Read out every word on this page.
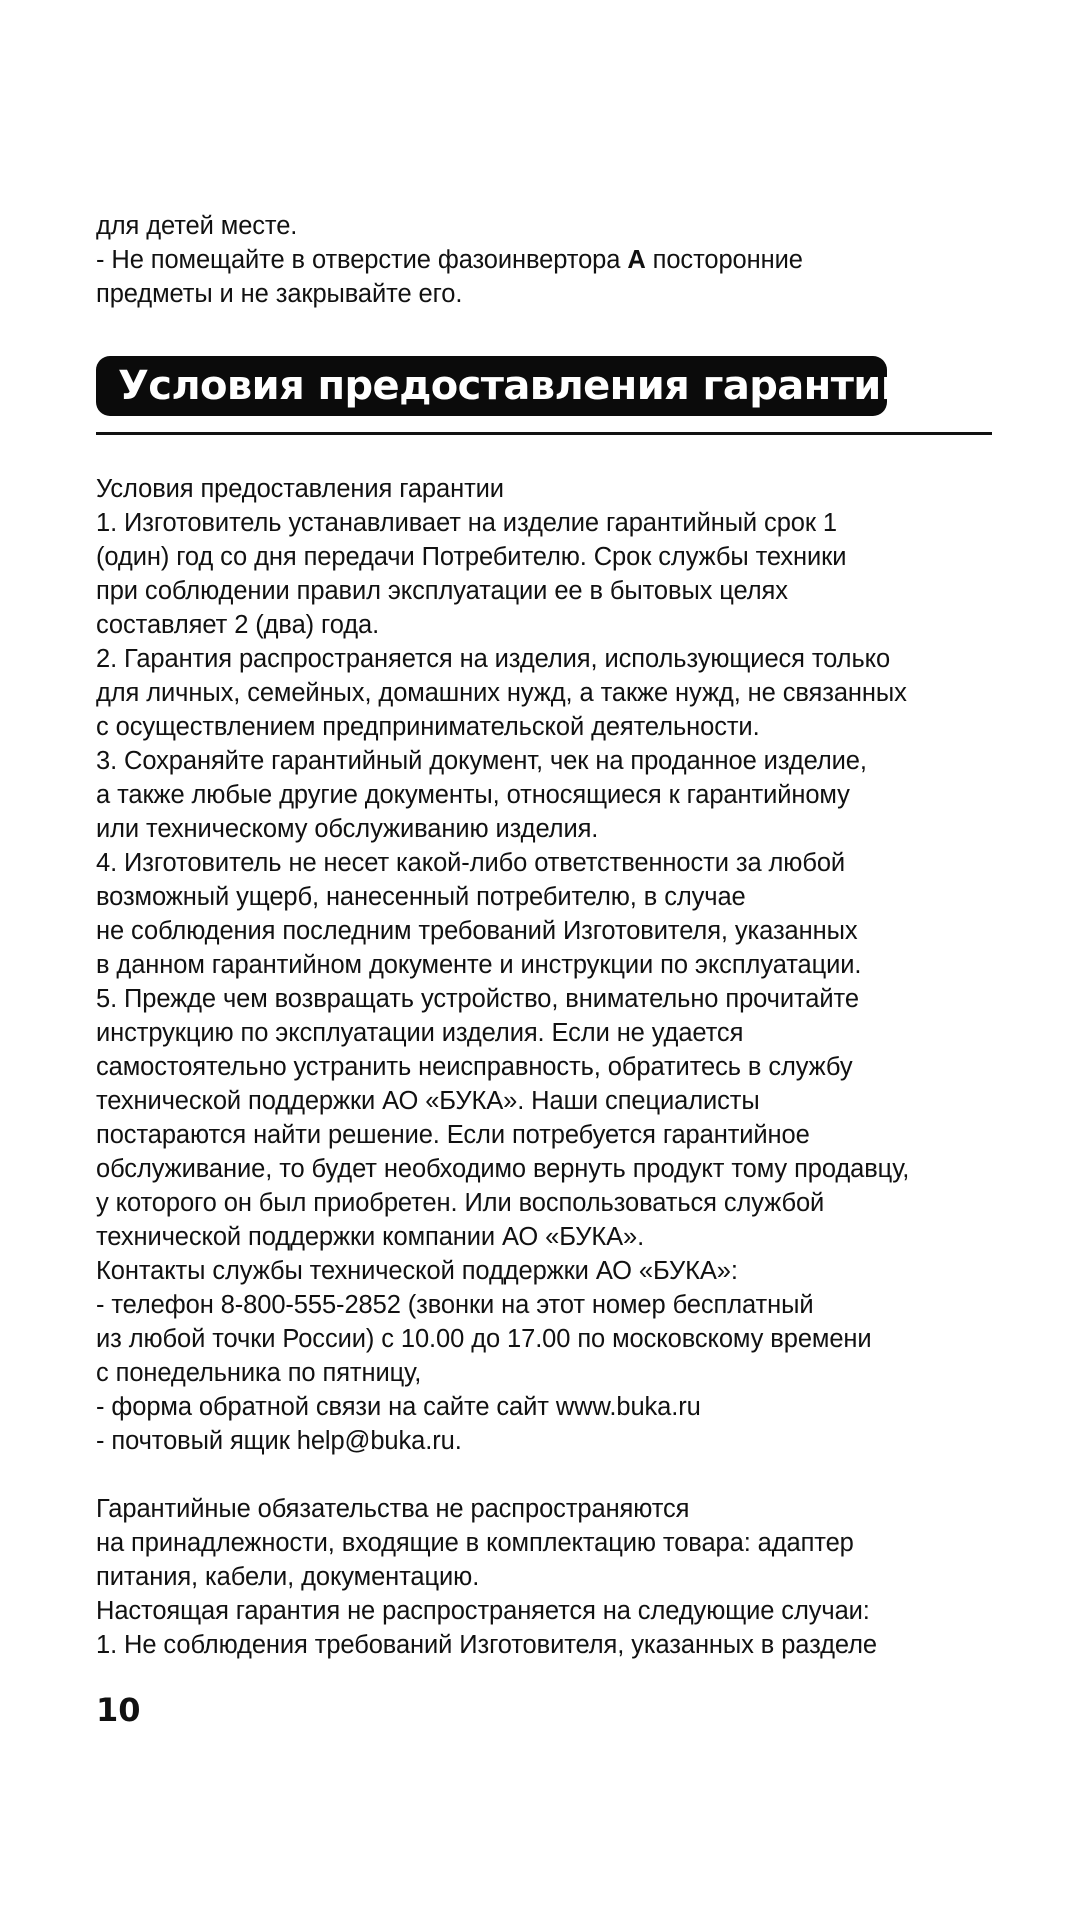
для детей месте.
- Не помещайте в отверстие фазоинвертора A посторонние
предметы и не закрывайте его.
Условия предоставления гарантии
Условия предоставления гарантии
1. Изготовитель устанавливает на изделие гарантийный срок 1
(один) год со дня передачи Потребителю. Срок службы техники
при соблюдении правил эксплуатации ее в бытовых целях
составляет 2 (два) года.
2. Гарантия распространяется на изделия, использующиеся только
для личных, семейных, домашних нужд, а также нужд, не связанных
с осуществлением предпринимательской деятельности.
3. Сохраняйте гарантийный документ, чек на проданное изделие,
а также любые другие документы, относящиеся к гарантийному
или техническому обслуживанию изделия.
4. Изготовитель не несет какой-либо ответственности за любой
возможный ущерб, нанесенный потребителю, в случае
не соблюдения последним требований Изготовителя, указанных
в данном гарантийном документе и инструкции по эксплуатации.
5. Прежде чем возвращать устройство, внимательно прочитайте
инструкцию по эксплуатации изделия. Если не удается
самостоятельно устранить неисправность, обратитесь в службу
технической поддержки АО «БУКА». Наши специалисты
постараются найти решение. Если потребуется гарантийное
обслуживание, то будет необходимо вернуть продукт тому продавцу,
у которого он был приобретен. Или воспользоваться службой
технической поддержки компании АО «БУКА».
Контакты службы технической поддержки АО «БУКА»:
- телефон 8-800-555-2852 (звонки на этот номер бесплатный
из любой точки России) с 10.00 до 17.00 по московскому времени
с понедельника по пятницу,
- форма обратной связи на сайте сайт www.buka.ru
- почтовый ящик help@buka.ru.
Гарантийные обязательства не распространяются
на принадлежности, входящие в комплектацию товара: адаптер
питания, кабели, документацию.
Настоящая гарантия не распространяется на следующие случаи:
1. Не соблюдения требований Изготовителя, указанных в разделе
10
